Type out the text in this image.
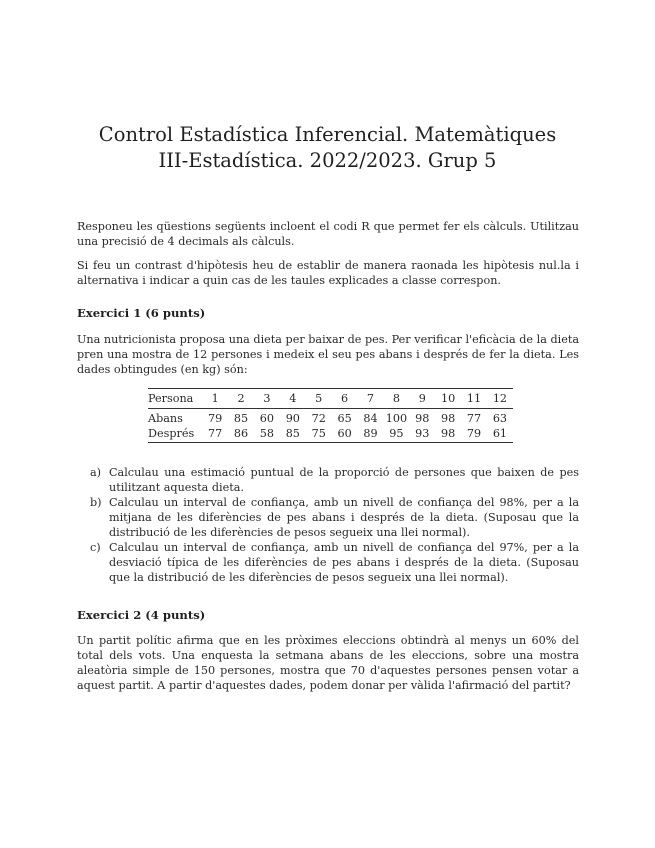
Control Estadística Inferencial. Matemàtiques
III-Estadística. 2022/2023. Grup 5
Responeu les qüestions següents incloent el codi R que permet fer els càlculs. Utilitzau una precisió de 4 decimals als càlculs.
Si feu un contrast d'hipòtesis heu de establir de manera raonada les hipòtesis nul.la i alternativa i indicar a quin cas de les taules explicades a classe correspon.
Exercici 1 (6 punts)
Una nutricionista proposa una dieta per baixar de pes. Per verificar l'eficàcia de la dieta pren una mostra de 12 persones i medeix el seu pes abans i després de fer la dieta. Les dades obtingudes (en kg) són:
Persona	1	2	3	4	5	6	7	8	9	10	11	12
Abans	79	85	60	90	72	65	84	100	98	98	77	63
Després	77	86	58	85	75	60	89	95	93	98	79	61
a) Calculau una estimació puntual de la proporció de persones que baixen de pes utilitzant aquesta dieta.
b) Calculau un interval de confiança, amb un nivell de confiança del 98%, per a la mitjana de les diferències de pes abans i després de la dieta. (Suposau que la distribució de les diferències de pesos segueix una llei normal).
c) Calculau un interval de confiança, amb un nivell de confiança del 97%, per a la desviació típica de les diferències de pes abans i després de la dieta. (Suposau que la distribució de les diferències de pesos segueix una llei normal).
Exercici 2 (4 punts)
Un partit polític afirma que en les pròximes eleccions obtindrà al menys un 60% del total dels vots. Una enquesta la setmana abans de les eleccions, sobre una mostra aleatòria simple de 150 persones, mostra que 70 d'aquestes persones pensen votar a aquest partit. A partir d'aquestes dades, podem donar per vàlida l'afirmació del partit?
